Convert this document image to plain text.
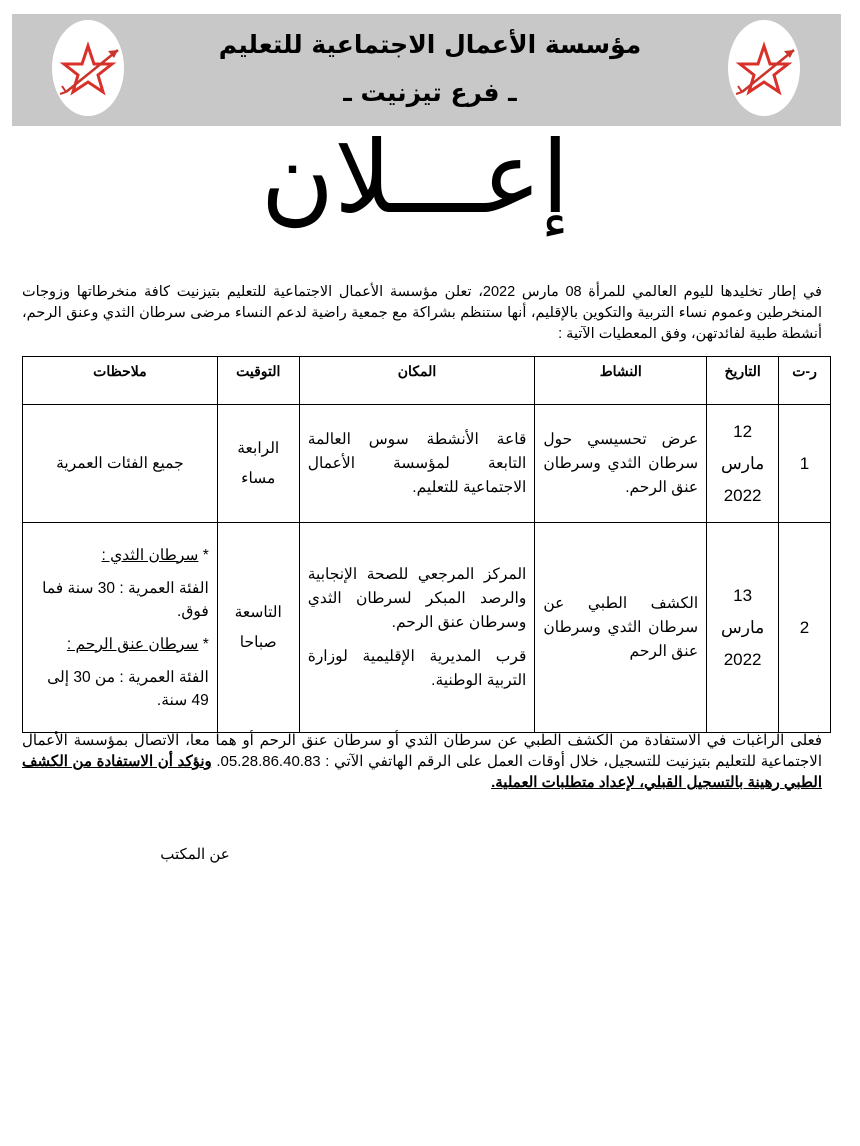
مؤسسة الأعمال الاجتماعية للتعليم
ـ فرع تيزنيت ـ
إعـــلان
في إطار تخليدها لليوم العالمي للمرأة 08 مارس 2022، تعلن مؤسسة الأعمال الاجتماعية للتعليم بتيزنيت كافة منخرطاتها وزوجات المنخرطين وعموم نساء التربية والتكوين بالإقليم، أنها ستنظم بشراكة مع جمعية راضية لدعم النساء مرضى سرطان الثدي وعنق الرحم، أنشطة طبية لفائدتهن، وفق المعطيات الآتية :
ر-ت	التاريخ	النشاط	المكان	التوقيت	ملاحظات
1	12
مارس
2022	عرض تحسيسي حول سرطان الثدي وسرطان عنق الرحم.	قاعة الأنشطة سوس العالمة التابعة لمؤسسة الأعمال الاجتماعية للتعليم.	الرابعة
مساء	جميع الفئات العمرية
2	13
مارس
2022	الكشف الطبي عن سرطان الثدي وسرطان عنق الرحم	المركز المرجعي للصحة الإنجابية والرصد المبكر لسرطان الثدي وسرطان عنق الرحم.
قرب المديرية الإقليمية لوزارة التربية الوطنية.	التاسعة
صباحا	* سرطان الثدي :
الفئة العمرية : 30 سنة فما فوق.
* سرطان عنق الرحم :
الفئة العمرية : من 30 إلى 49 سنة.
فعلى الراغبات في الاستفادة من الكشف الطبي عن سرطان الثدي أو سرطان عنق الرحم أو هما معا، الاتصال بمؤسسة الأعمال الاجتماعية للتعليم بتيزنيت للتسجيل، خلال أوقات العمل على الرقم الهاتفي الآتي : 05.28.86.40.83. ونؤكد أن الاستفادة من الكشف الطبي رهينة بالتسجيل القبلي، لإعداد متطلبات العملية.
عن المكتب
